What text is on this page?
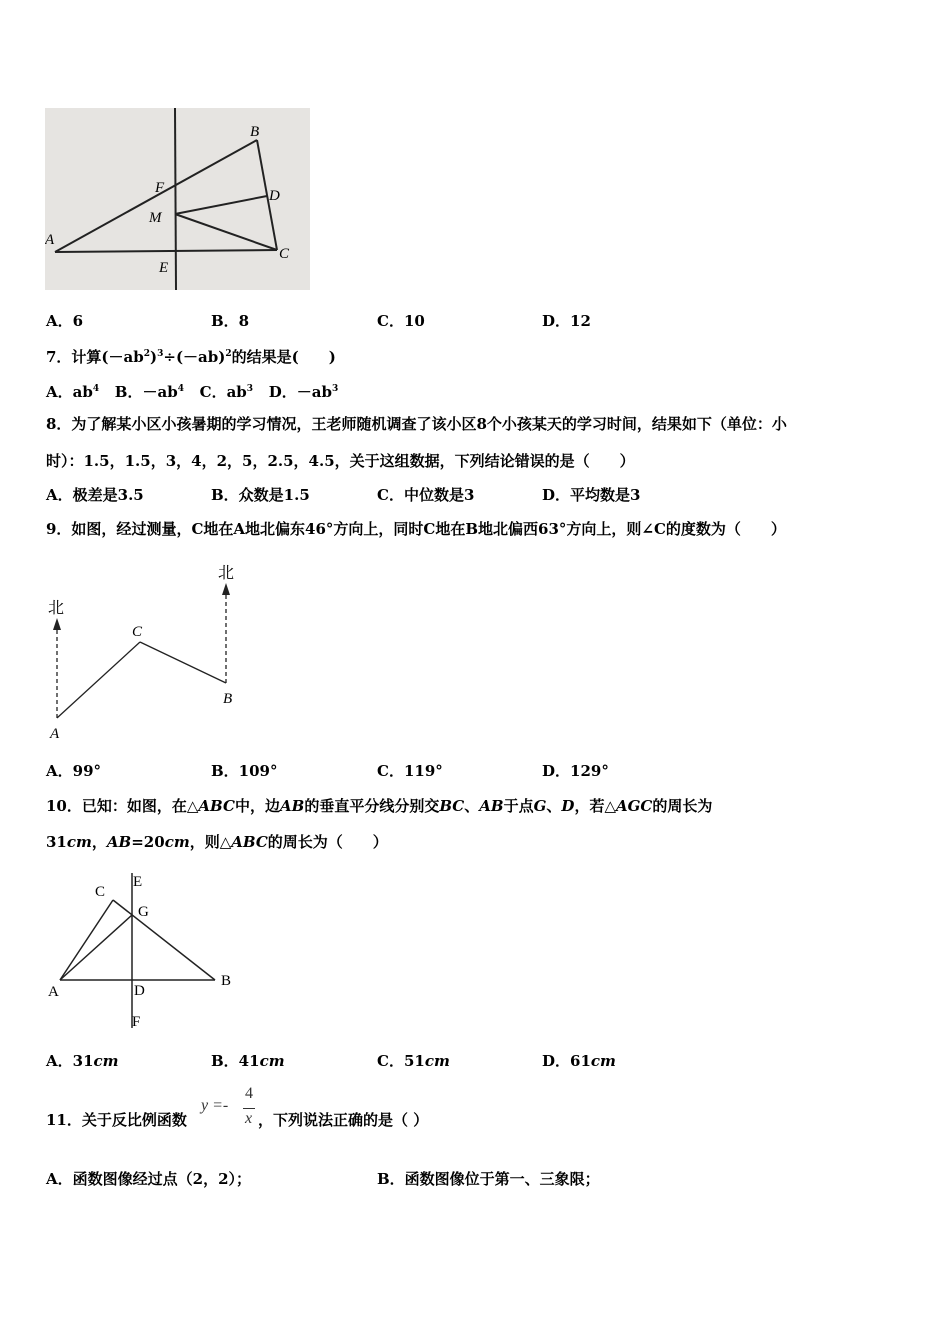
B
F	D
M
A
C
E
A．6	B．8	C．10	D．12
7．计算$(-ab^2)^3\div(-ab)^2$的结果是(　　)
A．$ab^4$ B．$-ab^4$ C．$ab^3$ D．$-ab^3$
8．为了解某小区小孩暑期的学习情况，王老师随机调查了该小区8个小孩某天的学习时间，结果如下（单位：小
时）：1.5，1.5，3，4，2，5，2.5，4.5，关于这组数据，下列结论错误的是（　　）
A．极差是3.5	B．众数是1.5	C．中位数是3	D．平均数是3
9．如图，经过测量，C地在A地北偏东46°方向上，同时C地在B地北偏西63°方向上，则∠C的度数为（　　）
北
北
C
B
A
A．99°	B．109°	C．119°	D．129°
10．已知：如图，在△ABC中，边AB的垂直平分线分别交BC、AB于点G、D，若△AGC的周长为
31cm，AB=20cm，则△ABC的周长为（　　）
C
E
G
A	D
B
F
A．31cm	B．41cm	C．51cm	D．61cm
11．关于反比例函数
y =-
4
x ，下列说法正确的是（ ）
A．函数图像经过点（2，2）；	B．函数图像位于第一、三象限；
